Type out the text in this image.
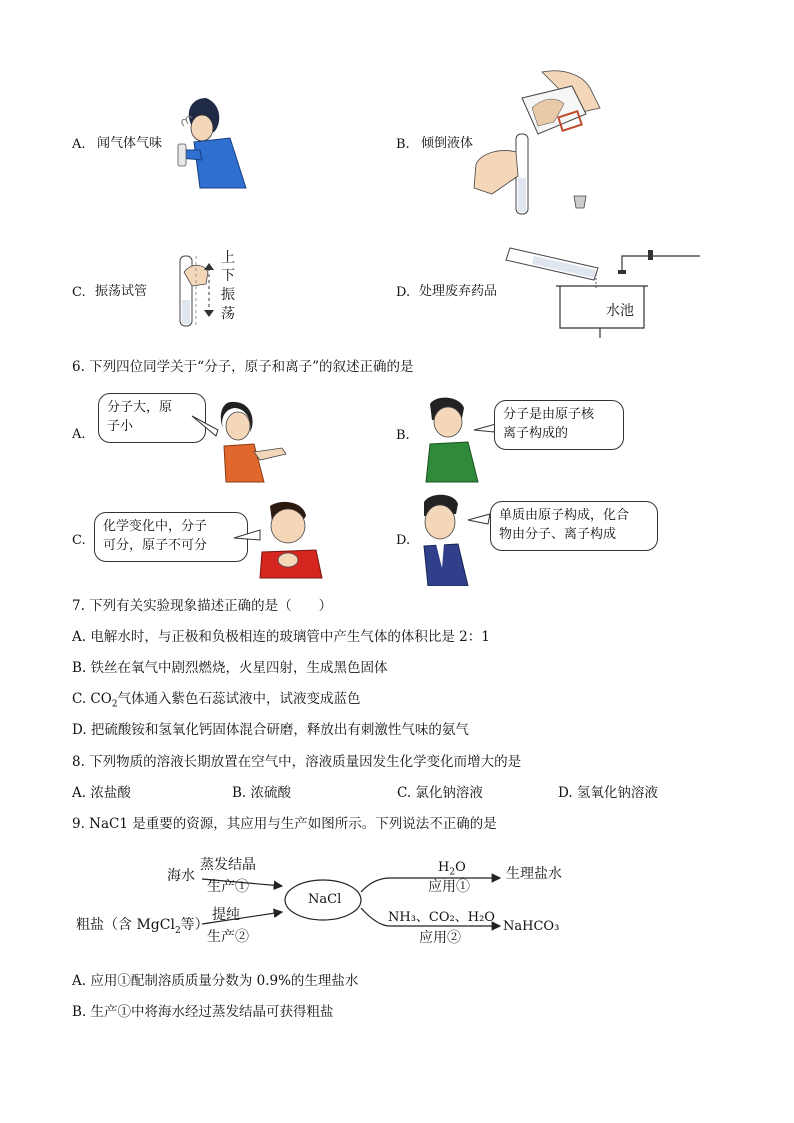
A. 闻气体气味	B. 倾倒液体
C. 振荡试管
上
下
振
荡
D. 处理废弃药品
水池
6. 下列四位同学关于“分子，原子和离子”的叙述正确的是
A.
分子大，原
子小
B.
分子是由原子核
离子构成的
C.
化学变化中，分子
可分，原子不可分	D.
单质由原子构成，化合
物由分子、离子构成
7. 下列有关实验现象描述正确的是（　　）
A. 电解水时，与正极和负极相连的玻璃管中产生气体的体积比是 2：1
B. 铁丝在氧气中剧烈燃烧，火星四射，生成黑色固体
C. $CO_2$气体通入紫色石蕊试液中，试液变成蓝色
D. 把硫酸铵和氢氧化钙固体混合研磨，释放出有刺激性气味的氨气
8. 下列物质的溶液长期放置在空气中，溶液质量因发生化学变化而增大的是
A. 浓盐酸	B. 浓硫酸	C. 氯化钠溶液	D. 氢氧化钠溶液
9. NaC1 是重要的资源，其应用与生产如图所示。下列说法不正确的是
NaCl
海水
蒸发结晶
生产①
粗盐（含 MgCl$_2$等）
提纯
生产②
$H_2O$
应用①
生理盐水
NH₃、CO₂、H₂O
应用②
NaHCO₃
A. 应用①配制溶质质量分数为 0.9%的生理盐水
B. 生产①中将海水经过蒸发结晶可获得粗盐
